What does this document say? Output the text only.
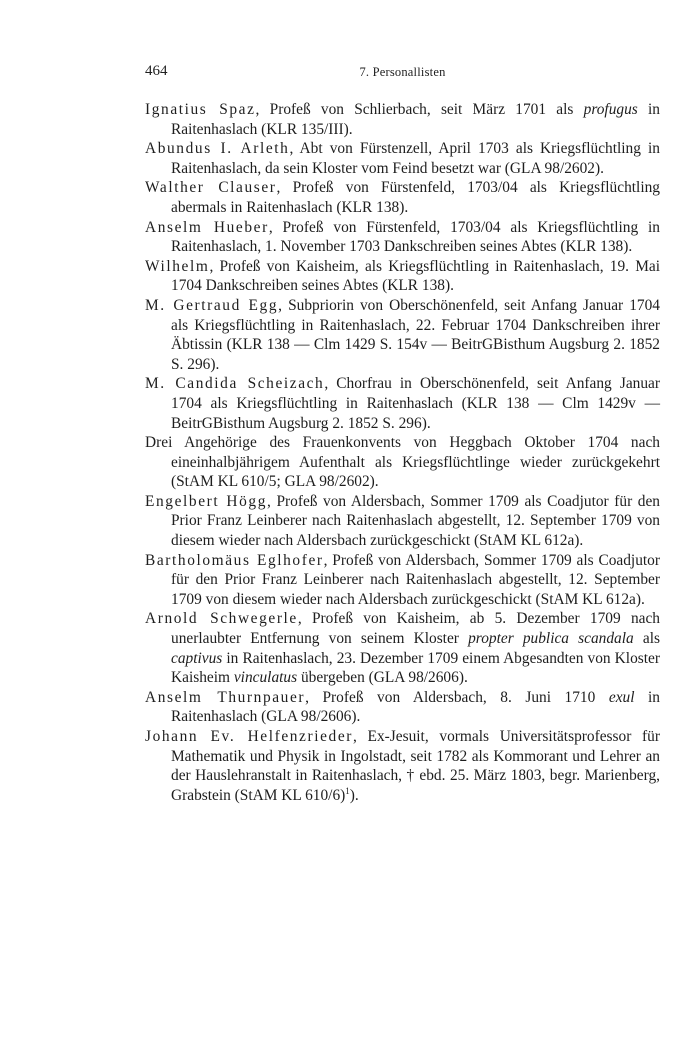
464	7. Personallisten

Ignatius Spaz, Profeß von Schlierbach, seit März 1701 als profugus in Raitenhaslach (KLR 135/III).

Abundus I. Arleth, Abt von Fürstenzell, April 1703 als Kriegsflüchtling in Raitenhaslach, da sein Kloster vom Feind besetzt war (GLA 98/2602).

Walther Clauser, Profeß von Fürstenfeld, 1703/04 als Kriegsflüchtling abermals in Raitenhaslach (KLR 138).

Anselm Hueber, Profeß von Fürstenfeld, 1703/04 als Kriegsflüchtling in Raitenhaslach, 1. November 1703 Dankschreiben seines Abtes (KLR 138).

Wilhelm, Profeß von Kaisheim, als Kriegsflüchtling in Raitenhaslach, 19. Mai 1704 Dankschreiben seines Abtes (KLR 138).

M. Gertraud Egg, Subpriorin von Oberschönenfeld, seit Anfang Januar 1704 als Kriegsflüchtling in Raitenhaslach, 22. Februar 1704 Dankschreiben ihrer Äbtissin (KLR 138 — Clm 1429 S. 154v — BeitrGBisthum Augsburg 2. 1852 S. 296).

M. Candida Scheizach, Chorfrau in Oberschönenfeld, seit Anfang Januar 1704 als Kriegsflüchtling in Raitenhaslach (KLR 138 — Clm 1429v — BeitrGBisthum Augsburg 2. 1852 S. 296).

Drei Angehörige des Frauenkonvents von Heggbach Oktober 1704 nach eineinhalbjährigem Aufenthalt als Kriegsflüchtlinge wieder zurückgekehrt (StAM KL 610/5; GLA 98/2602).

Engelbert Högg, Profeß von Aldersbach, Sommer 1709 als Coadjutor für den Prior Franz Leinberer nach Raitenhaslach abgestellt, 12. September 1709 von diesem wieder nach Aldersbach zurückgeschickt (StAM KL 612a).

Bartholomäus Eglhofer, Profeß von Aldersbach, Sommer 1709 als Coadjutor für den Prior Franz Leinberer nach Raitenhaslach abgestellt, 12. September 1709 von diesem wieder nach Aldersbach zurückgeschickt (StAM KL 612a).

Arnold Schwegerle, Profeß von Kaisheim, ab 5. Dezember 1709 nach unerlaubter Entfernung von seinem Kloster propter publica scandala als captivus in Raitenhaslach, 23. Dezember 1709 einem Abgesandten von Kloster Kaisheim vinculatus übergeben (GLA 98/2606).

Anselm Thurnpauer, Profeß von Aldersbach, 8. Juni 1710 exul in Raitenhaslach (GLA 98/2606).

Johann Ev. Helfenzrieder, Ex-Jesuit, vormals Universitätsprofessor für Mathematik und Physik in Ingolstadt, seit 1782 als Kommorant und Lehrer an der Hauslehranstalt in Raitenhaslach, † ebd. 25. März 1803, begr. Marienberg, Grabstein (StAM KL 610/6)$^1$).
